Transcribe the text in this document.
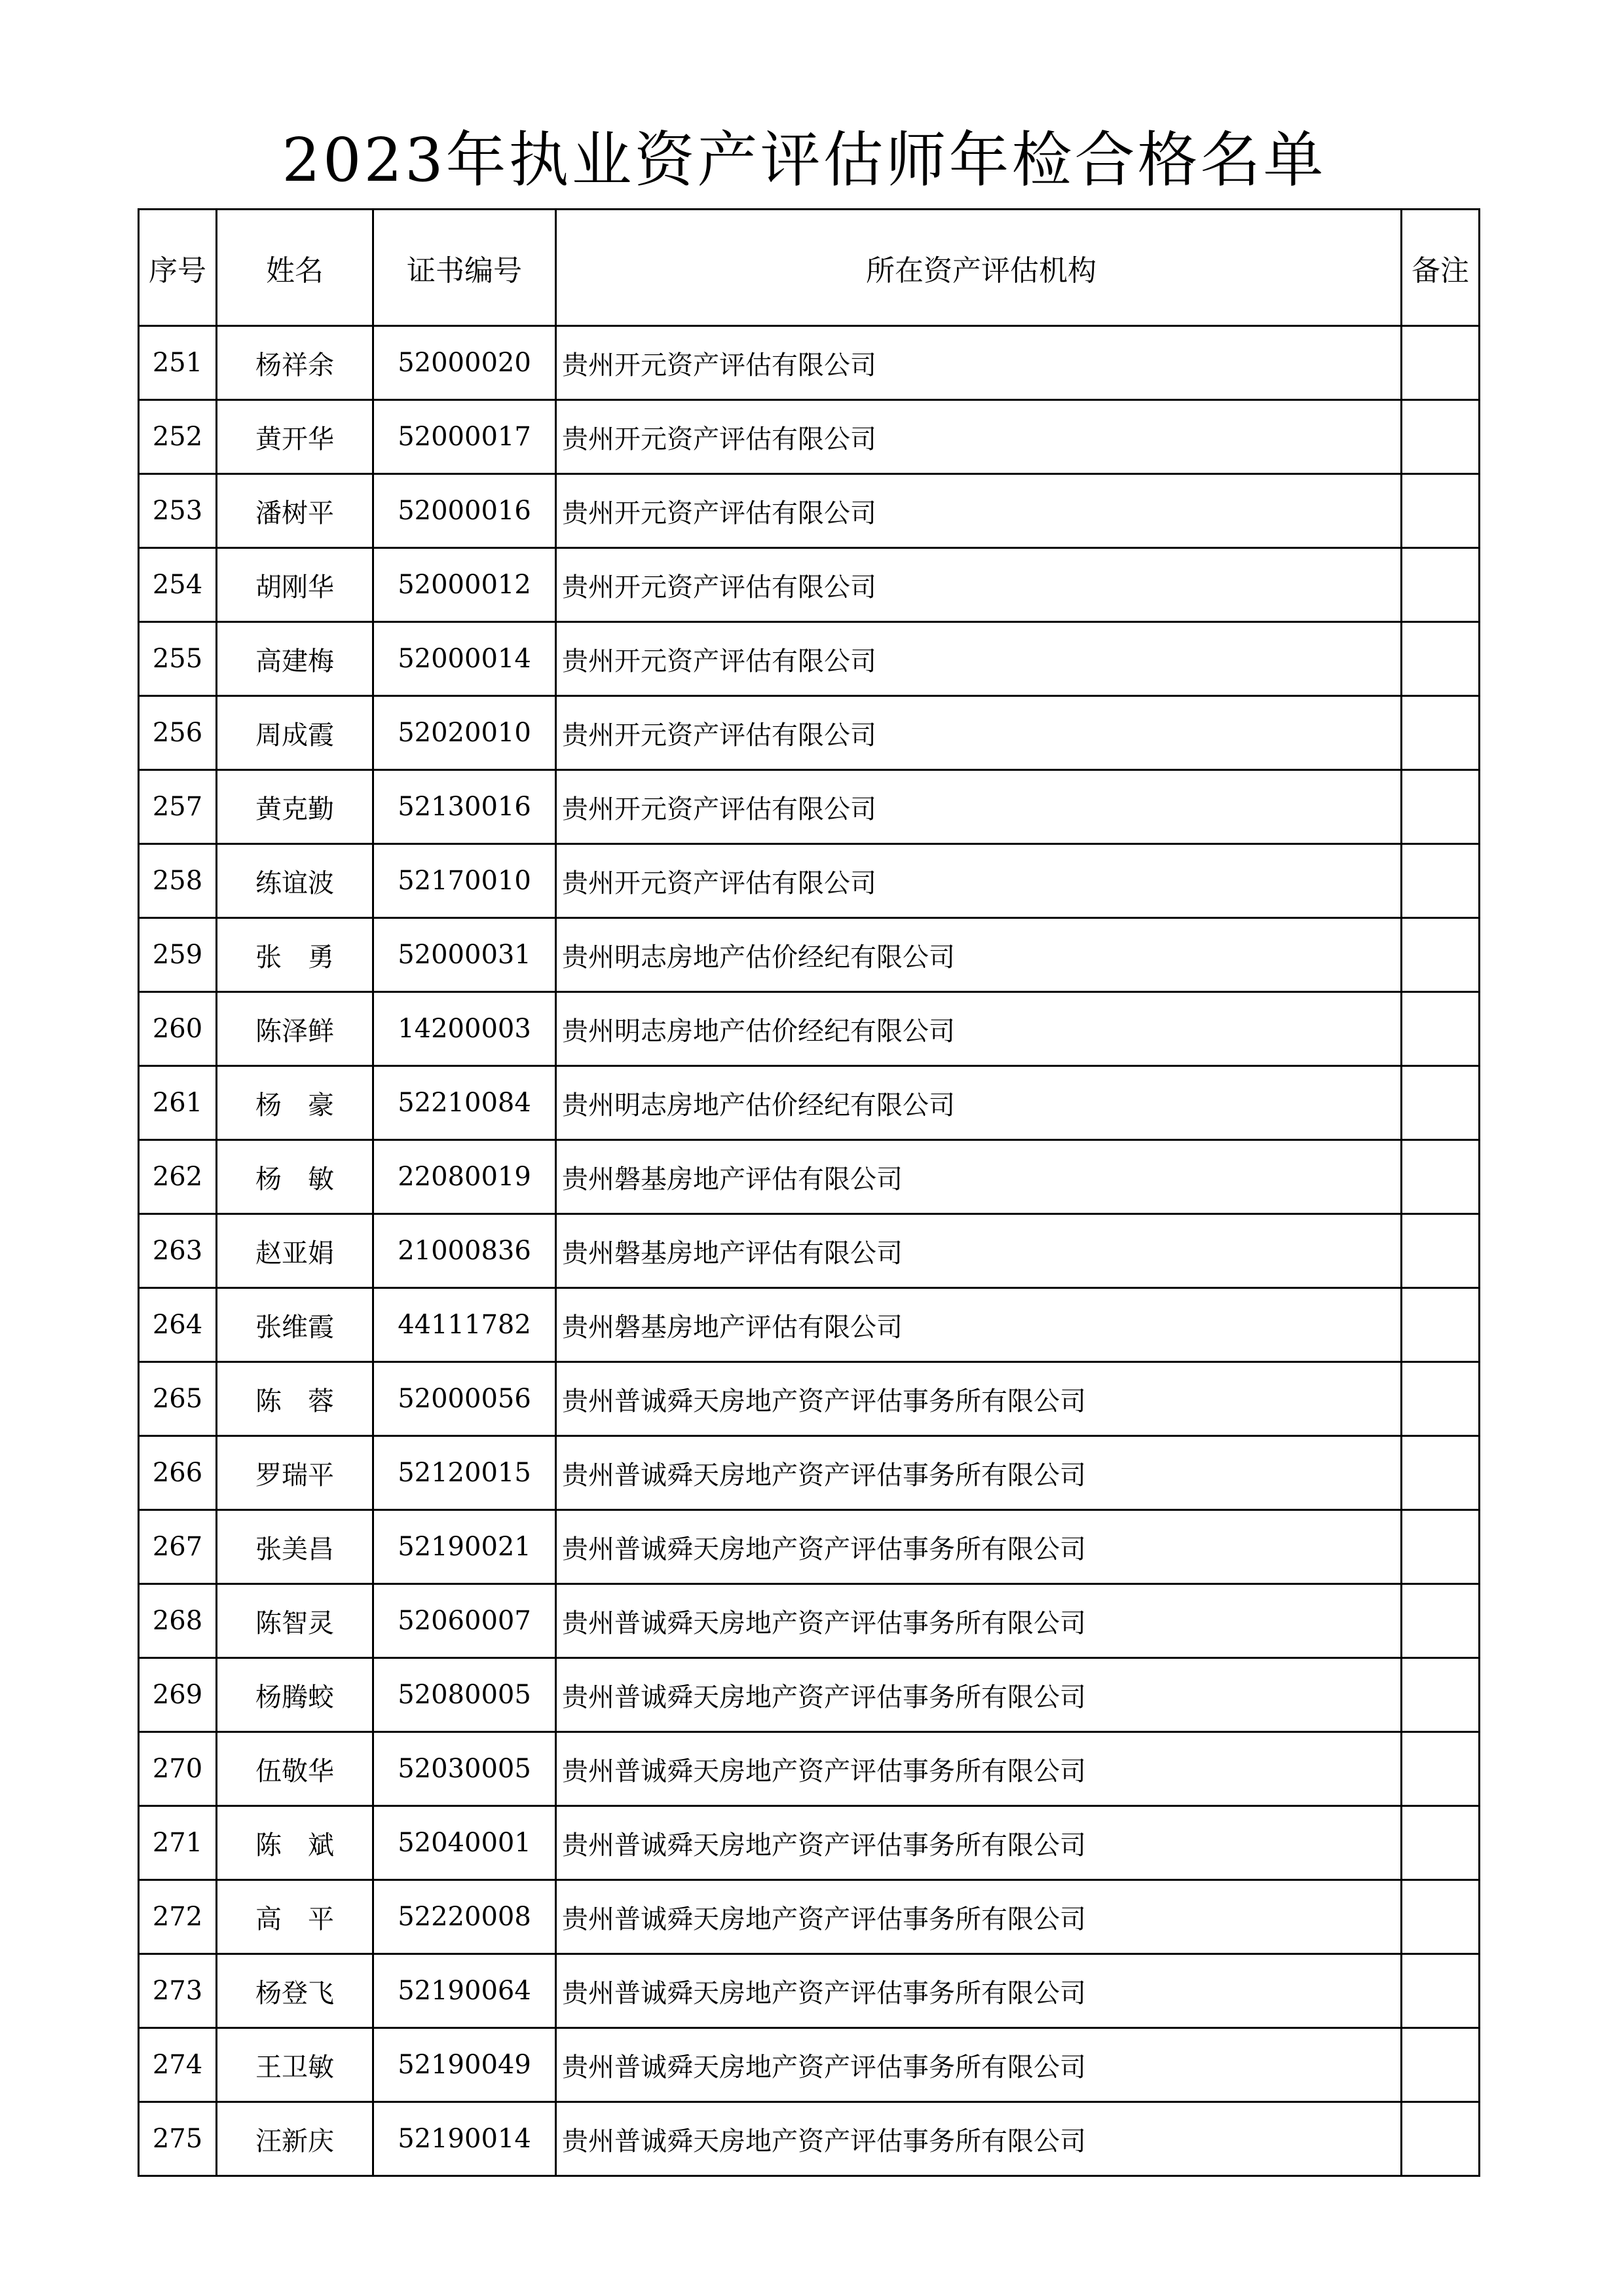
2023年执业资产评估师年检合格名单
序号	姓名	证书编号	所在资产评估机构	备注
251	杨祥余	52000020	贵州开元资产评估有限公司	
252	黄开华	52000017	贵州开元资产评估有限公司	
253	潘树平	52000016	贵州开元资产评估有限公司	
254	胡刚华	52000012	贵州开元资产评估有限公司	
255	高建梅	52000014	贵州开元资产评估有限公司	
256	周成霞	52020010	贵州开元资产评估有限公司	
257	黄克勤	52130016	贵州开元资产评估有限公司	
258	练谊波	52170010	贵州开元资产评估有限公司	
259	张　勇	52000031	贵州明志房地产估价经纪有限公司	
260	陈泽鲜	14200003	贵州明志房地产估价经纪有限公司	
261	杨　豪	52210084	贵州明志房地产估价经纪有限公司	
262	杨　敏	22080019	贵州磐基房地产评估有限公司	
263	赵亚娟	21000836	贵州磐基房地产评估有限公司	
264	张维霞	44111782	贵州磐基房地产评估有限公司	
265	陈　蓉	52000056	贵州普诚舜天房地产资产评估事务所有限公司	
266	罗瑞平	52120015	贵州普诚舜天房地产资产评估事务所有限公司	
267	张美昌	52190021	贵州普诚舜天房地产资产评估事务所有限公司	
268	陈智灵	52060007	贵州普诚舜天房地产资产评估事务所有限公司	
269	杨腾蛟	52080005	贵州普诚舜天房地产资产评估事务所有限公司	
270	伍敬华	52030005	贵州普诚舜天房地产资产评估事务所有限公司	
271	陈　斌	52040001	贵州普诚舜天房地产资产评估事务所有限公司	
272	高　平	52220008	贵州普诚舜天房地产资产评估事务所有限公司	
273	杨登飞	52190064	贵州普诚舜天房地产资产评估事务所有限公司	
274	王卫敏	52190049	贵州普诚舜天房地产资产评估事务所有限公司	
275	汪新庆	52190014	贵州普诚舜天房地产资产评估事务所有限公司	
